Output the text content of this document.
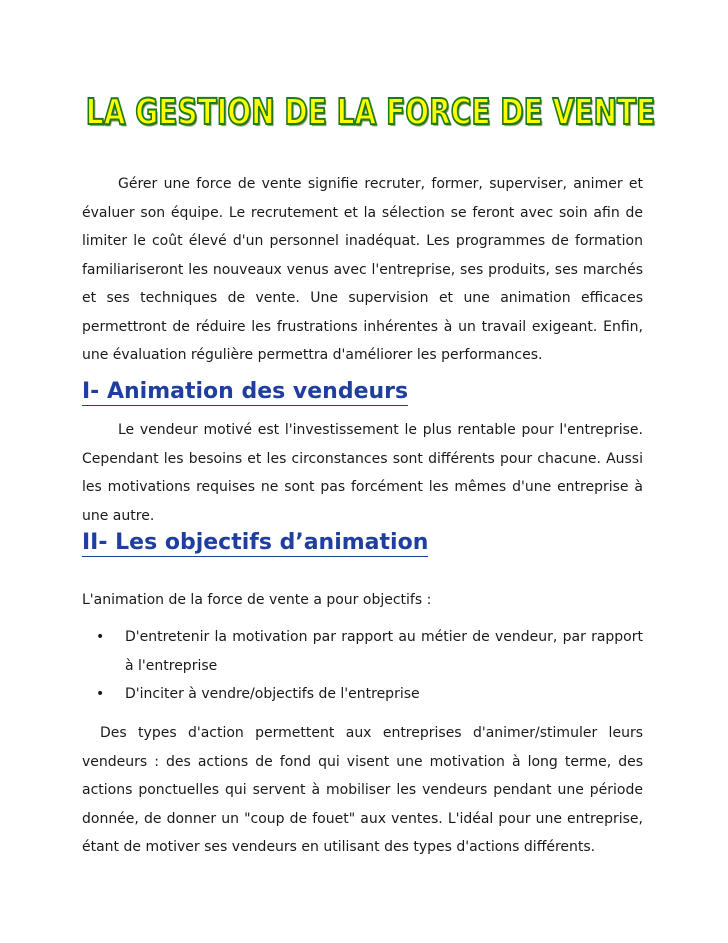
LA GESTION DE LA FORCE DE VENTE

Gérer une force de vente signifie recruter, former, superviser, animer et évaluer son équipe. Le recrutement et la sélection se feront avec soin afin de limiter le coût élevé d'un personnel inadéquat. Les programmes de formation familiariseront les nouveaux venus avec l'entreprise, ses produits, ses marchés et ses techniques de vente. Une supervision et une animation efficaces permettront de réduire les frustrations inhérentes à un travail exigeant. Enfin, une évaluation régulière permettra d'améliorer les performances.

I- Animation des vendeurs

Le vendeur motivé est l'investissement le plus rentable pour l'entreprise. Cependant les besoins et les circonstances sont différents pour chacune. Aussi les motivations requises ne sont pas forcément les mêmes d'une entreprise à une autre.

II- Les objectifs d’animation

L'animation de la force de vente a pour objectifs :

• D'entretenir la motivation par rapport au métier de vendeur, par rapport à l'entreprise
• D'inciter à vendre/objectifs de l'entreprise

Des types d'action permettent aux entreprises d'animer/stimuler leurs vendeurs : des actions de fond qui visent une motivation à long terme, des actions ponctuelles qui servent à mobiliser les vendeurs pendant une période donnée, de donner un "coup de fouet" aux ventes. L'idéal pour une entreprise, étant de motiver ses vendeurs en utilisant des types d'actions différents.
